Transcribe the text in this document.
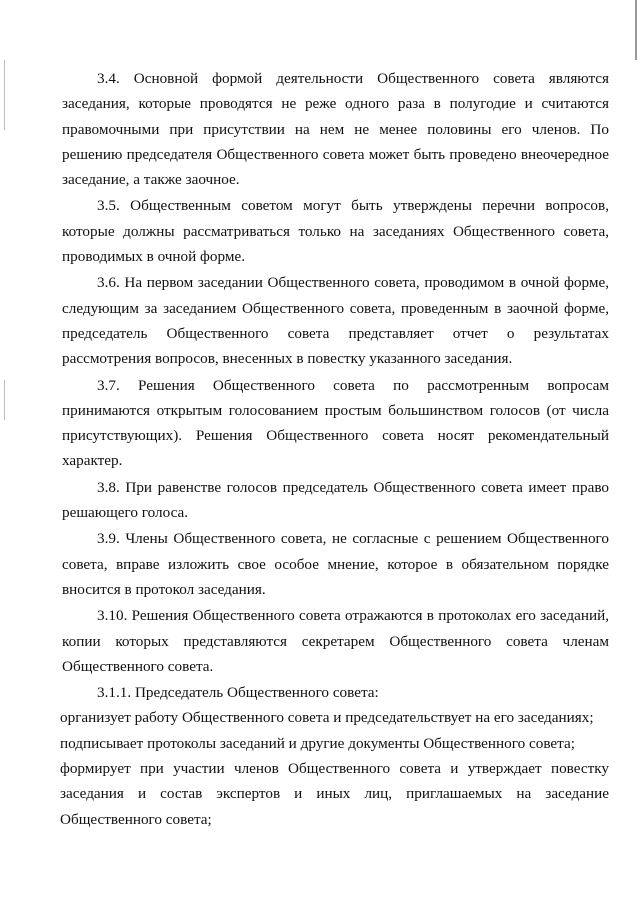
3.4. Основной формой деятельности Общественного совета являются заседания, которые проводятся не реже одного раза в полугодие и считаются правомочными при присутствии на нем не менее половины его членов. По решению председателя Общественного совета может быть проведено внеочередное заседание, а также заочное.

3.5. Общественным советом могут быть утверждены перечни вопросов, которые должны рассматриваться только на заседаниях Общественного совета, проводимых в очной форме.

3.6. На первом заседании Общественного совета, проводимом в очной форме, следующим за заседанием Общественного совета, проведенным в заочной форме, председатель Общественного совета представляет отчет о результатах рассмотрения вопросов, внесенных в повестку указанного заседания.

3.7. Решения Общественного совета по рассмотренным вопросам принимаются открытым голосованием простым большинством голосов (от числа присутствующих). Решения Общественного совета носят рекомендательный характер.

3.8. При равенстве голосов председатель Общественного совета имеет право решающего голоса.

3.9. Члены Общественного совета, не согласные с решением Общественного совета, вправе изложить свое особое мнение, которое в обязательном порядке вносится в протокол заседания.

3.10. Решения Общественного совета отражаются в протоколах его заседаний, копии которых представляются секретарем Общественного совета членам Общественного совета.

3.1.1. Председатель Общественного совета:

организует работу Общественного совета и председательствует на его заседаниях;

подписывает протоколы заседаний и другие документы Общественного совета;

формирует при участии членов Общественного совета и утверждает повестку заседания и состав экспертов и иных лиц, приглашаемых на заседание Общественного совета;
